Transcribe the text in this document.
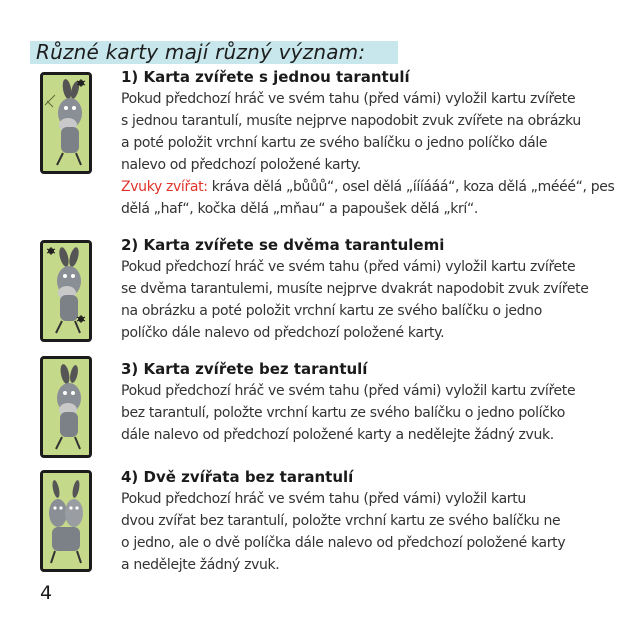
Různé karty mají různý význam:
1) Karta zvířete s jednou tarantulí
Pokud předchozí hráč ve svém tahu (před vámi) vyložil kartu zvířete
s jednou tarantulí, musíte nejprve napodobit zvuk zvířete na obrázku
a poté položit vrchní kartu ze svého balíčku o jedno políčko dále
nalevo od předchozí položené karty.
Zvuky zvířat: kráva dělá „bůůů“, osel dělá „íííááá“, koza dělá „mééé“, pes
dělá „haf“, kočka dělá „mňau“ a papoušek dělá „krí“.
2) Karta zvířete se dvěma tarantulemi
Pokud předchozí hráč ve svém tahu (před vámi) vyložil kartu zvířete
se dvěma tarantulemi, musíte nejprve dvakrát napodobit zvuk zvířete
na obrázku a poté položit vrchní kartu ze svého balíčku o jedno
políčko dále nalevo od předchozí položené karty.
3) Karta zvířete bez tarantulí
Pokud předchozí hráč ve svém tahu (před vámi) vyložil kartu zvířete
bez tarantulí, položte vrchní kartu ze svého balíčku o jedno políčko
dále nalevo od předchozí položené karty a nedělejte žádný zvuk.
4) Dvě zvířata bez tarantulí
Pokud předchozí hráč ve svém tahu (před vámi) vyložil kartu
dvou zvířat bez tarantulí, položte vrchní kartu ze svého balíčku ne
o jedno, ale o dvě políčka dále nalevo od předchozí položené karty
a nedělejte žádný zvuk.
4
